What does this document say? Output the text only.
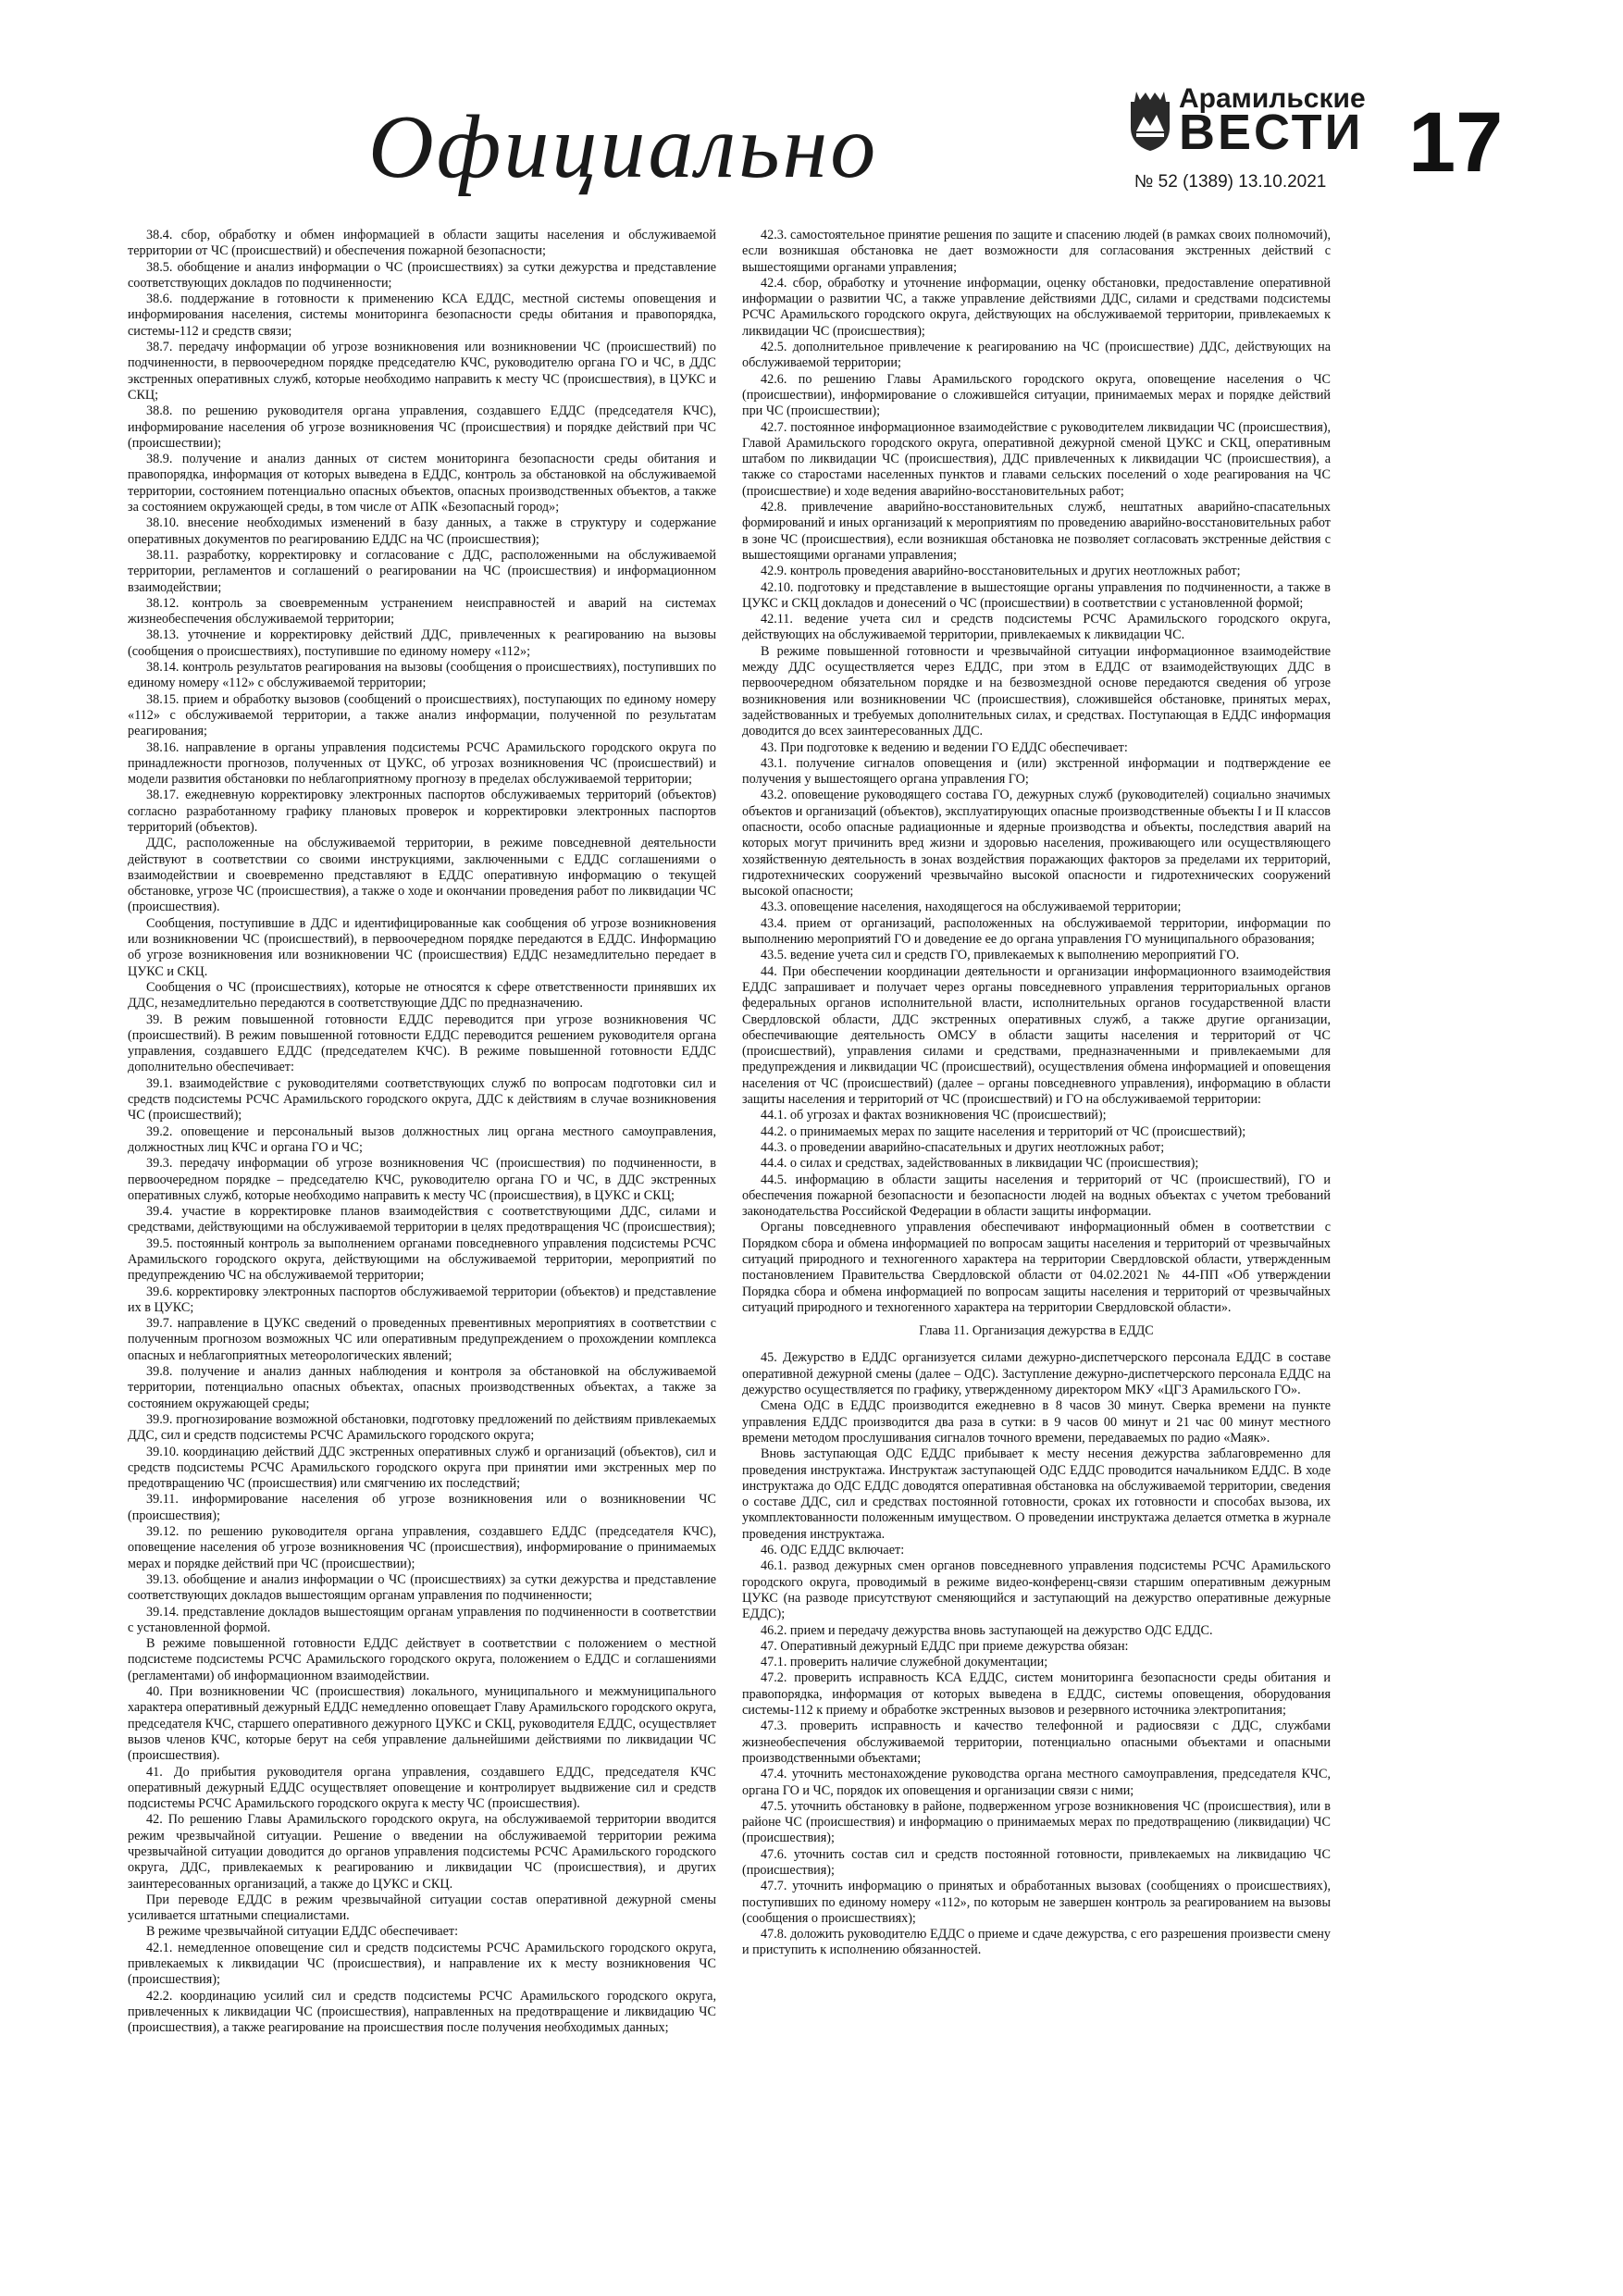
Официально	Арамильские
ВЕСТИ
№ 52 (1389) 13.10.2021 17

38.4. сбор, обработку и обмен информацией в области защиты населения и обслуживаемой территории от ЧС (происшествий) и обеспечения пожарной безопасности;

38.5. обобщение и анализ информации о ЧС (происшествиях) за сутки дежурства и представление соответствующих докладов по подчиненности;

38.6. поддержание в готовности к применению КСА ЕДДС, местной системы оповещения и информирования населения, системы мониторинга безопасности среды обитания и правопорядка, системы-112 и средств связи;

38.7. передачу информации об угрозе возникновения или возникновении ЧС (происшествий) по подчиненности, в первоочередном порядке председателю КЧС, руководителю органа ГО и ЧС, в ДДС экстренных оперативных служб, которые необходимо направить к месту ЧС (происшествия), в ЦУКС и СКЦ;

38.8. по решению руководителя органа управления, создавшего ЕДДС (председателя КЧС), информирование населения об угрозе возникновения ЧС (происшествия) и порядке действий при ЧС (происшествии);

38.9. получение и анализ данных от систем мониторинга безопасности среды обитания и правопорядка, информация от которых выведена в ЕДДС, контроль за обстановкой на обслуживаемой территории, состоянием потенциально опасных объектов, опасных производственных объектов, а также за состоянием окружающей среды, в том числе от АПК «Безопасный город»;

38.10. внесение необходимых изменений в базу данных, а также в структуру и содержание оперативных документов по реагированию ЕДДС на ЧС (происшествия);

38.11. разработку, корректировку и согласование с ДДС, расположенными на обслуживаемой территории, регламентов и соглашений о реагировании на ЧС (происшествия) и информационном взаимодействии;

38.12. контроль за своевременным устранением неисправностей и аварий на системах жизнеобеспечения обслуживаемой территории;

38.13. уточнение и корректировку действий ДДС, привлеченных к реагированию на вызовы (сообщения о происшествиях), поступившие по единому номеру «112»;

38.14. контроль результатов реагирования на вызовы (сообщения о происшествиях), поступивших по единому номеру «112» с обслуживаемой территории;

38.15. прием и обработку вызовов (сообщений о происшествиях), поступающих по единому номеру «112» с обслуживаемой территории, а также анализ информации, полученной по результатам реагирования;

38.16. направление в органы управления подсистемы РСЧС Арамильского городского округа по принадлежности прогнозов, полученных от ЦУКС, об угрозах возникновения ЧС (происшествий) и модели развития обстановки по неблагоприятному прогнозу в пределах обслуживаемой территории;

38.17. ежедневную корректировку электронных паспортов обслуживаемых территорий (объектов) согласно разработанному графику плановых проверок и корректировки электронных паспортов территорий (объектов).

ДДС, расположенные на обслуживаемой территории, в режиме повседневной деятельности действуют в соответствии со своими инструкциями, заключенными с ЕДДС соглашениями о взаимодействии и своевременно представляют в ЕДДС оперативную информацию о текущей обстановке, угрозе ЧС (происшествия), а также о ходе и окончании проведения работ по ликвидации ЧС (происшествия).

Сообщения, поступившие в ДДС и идентифицированные как сообщения об угрозе возникновения или возникновении ЧС (происшествий), в первоочередном порядке передаются в ЕДДС. Информацию об угрозе возникновения или возникновении ЧС (происшествия) ЕДДС незамедлительно передает в ЦУКС и СКЦ.

Сообщения о ЧС (происшествиях), которые не относятся к сфере ответственности принявших их ДДС, незамедлительно передаются в соответствующие ДДС по предназначению.

39. В режим повышенной готовности ЕДДС переводится при угрозе возникновения ЧС (происшествий). В режим повышенной готовности ЕДДС переводится решением руководителя органа управления, создавшего ЕДДС (председателем КЧС). В режиме повышенной готовности ЕДДС дополнительно обеспечивает:

39.1. взаимодействие с руководителями соответствующих служб по вопросам подготовки сил и средств подсистемы РСЧС Арамильского городского округа, ДДС к действиям в случае возникновения ЧС (происшествий);

39.2. оповещение и персональный вызов должностных лиц органа местного самоуправления, должностных лиц КЧС и органа ГО и ЧС;

39.3. передачу информации об угрозе возникновения ЧС (происшествия) по подчиненности, в первоочередном порядке – председателю КЧС, руководителю органа ГО и ЧС, в ДДС экстренных оперативных служб, которые необходимо направить к месту ЧС (происшествия), в ЦУКС и СКЦ;

39.4. участие в корректировке планов взаимодействия с соответствующими ДДС, силами и средствами, действующими на обслуживаемой территории в целях предотвращения ЧС (происшествия);

39.5. постоянный контроль за выполнением органами повседневного управления подсистемы РСЧС Арамильского городского округа, действующими на обслуживаемой территории, мероприятий по предупреждению ЧС на обслуживаемой территории;

39.6. корректировку электронных паспортов обслуживаемой территории (объектов) и представление их в ЦУКС;

39.7. направление в ЦУКС сведений о проведенных превентивных мероприятиях в соответствии с полученным прогнозом возможных ЧС или оперативным предупреждением о прохождении комплекса опасных и неблагоприятных метеорологических явлений;

39.8. получение и анализ данных наблюдения и контроля за обстановкой на обслуживаемой территории, потенциально опасных объектах, опасных производственных объектах, а также за состоянием окружающей среды;

39.9. прогнозирование возможной обстановки, подготовку предложений по действиям привлекаемых ДДС, сил и средств подсистемы РСЧС Арамильского городского округа;

39.10. координацию действий ДДС экстренных оперативных служб и организаций (объектов), сил и средств подсистемы РСЧС Арамильского городского округа при принятии ими экстренных мер по предотвращению ЧС (происшествия) или смягчению их последствий;

39.11. информирование населения об угрозе возникновения или о возникновении ЧС (происшествия);

39.12. по решению руководителя органа управления, создавшего ЕДДС (председателя КЧС), оповещение населения об угрозе возникновения ЧС (происшествия), информирование о принимаемых мерах и порядке действий при ЧС (происшествии);

39.13. обобщение и анализ информации о ЧС (происшествиях) за сутки дежурства и представление соответствующих докладов вышестоящим органам управления по подчиненности;

39.14. представление докладов вышестоящим органам управления по подчиненности в соответствии с установленной формой.

В режиме повышенной готовности ЕДДС действует в соответствии с положением о местной подсистеме подсистемы РСЧС Арамильского городского округа, положением о ЕДДС и соглашениями (регламентами) об информационном взаимодействии.

40. При возникновении ЧС (происшествия) локального, муниципального и межмуниципального характера оперативный дежурный ЕДДС немедленно оповещает Главу Арамильского городского округа, председателя КЧС, старшего оперативного дежурного ЦУКС и СКЦ, руководителя ЕДДС, осуществляет вызов членов КЧС, которые берут на себя управление дальнейшими действиями по ликвидации ЧС (происшествия).

41. До прибытия руководителя органа управления, создавшего ЕДДС, председателя КЧС оперативный дежурный ЕДДС осуществляет оповещение и контролирует выдвижение сил и средств подсистемы РСЧС Арамильского городского округа к месту ЧС (происшествия).

42. По решению Главы Арамильского городского округа, на обслуживаемой территории вводится режим чрезвычайной ситуации. Решение о введении на обслуживаемой территории режима чрезвычайной ситуации доводится до органов управления подсистемы РСЧС Арамильского городского округа, ДДС, привлекаемых к реагированию и ликвидации ЧС (происшествия), и других заинтересованных организаций, а также до ЦУКС и СКЦ.

При переводе ЕДДС в режим чрезвычайной ситуации состав оперативной дежурной смены усиливается штатными специалистами.

В режиме чрезвычайной ситуации ЕДДС обеспечивает:

42.1. немедленное оповещение сил и средств подсистемы РСЧС Арамильского городского округа, привлекаемых к ликвидации ЧС (происшествия), и направление их к месту возникновения ЧС (происшествия);

42.2. координацию усилий сил и средств подсистемы РСЧС Арамильского городского округа, привлеченных к ликвидации ЧС (происшествия), направленных на предотвращение и ликвидацию ЧС (происшествия), а также реагирование на происшествия после получения необходимых данных;

42.3. самостоятельное принятие решения по защите и спасению людей (в рамках своих полномочий), если возникшая обстановка не дает возможности для согласования экстренных действий с вышестоящими органами управления;

42.4. сбор, обработку и уточнение информации, оценку обстановки, предоставление оперативной информации о развитии ЧС, а также управление действиями ДДС, силами и средствами подсистемы РСЧС Арамильского городского округа, действующих на обслуживаемой территории, привлекаемых к ликвидации ЧС (происшествия);

42.5. дополнительное привлечение к реагированию на ЧС (происшествие) ДДС, действующих на обслуживаемой территории;

42.6. по решению Главы Арамильского городского округа, оповещение населения о ЧС (происшествии), информирование о сложившейся ситуации, принимаемых мерах и порядке действий при ЧС (происшествии);

42.7. постоянное информационное взаимодействие с руководителем ликвидации ЧС (происшествия), Главой Арамильского городского округа, оперативной дежурной сменой ЦУКС и СКЦ, оперативным штабом по ликвидации ЧС (происшествия), ДДС привлеченных к ликвидации ЧС (происшествия), а также со старостами населенных пунктов и главами сельских поселений о ходе реагирования на ЧС (происшествие) и ходе ведения аварийно-восстановительных работ;

42.8. привлечение аварийно-восстановительных служб, нештатных аварийно-спасательных формирований и иных организаций к мероприятиям по проведению аварийно-восстановительных работ в зоне ЧС (происшествия), если возникшая обстановка не позволяет согласовать экстренные действия с вышестоящими органами управления;

42.9. контроль проведения аварийно-восстановительных и других неотложных работ;

42.10. подготовку и представление в вышестоящие органы управления по подчиненности, а также в ЦУКС и СКЦ докладов и донесений о ЧС (происшествии) в соответствии с установленной формой;

42.11. ведение учета сил и средств подсистемы РСЧС Арамильского городского округа, действующих на обслуживаемой территории, привлекаемых к ликвидации ЧС.

В режиме повышенной готовности и чрезвычайной ситуации информационное взаимодействие между ДДС осуществляется через ЕДДС, при этом в ЕДДС от взаимодействующих ДДС в первоочередном обязательном порядке и на безвозмездной основе передаются сведения об угрозе возникновения или возникновении ЧС (происшествия), сложившейся обстановке, принятых мерах, задействованных и требуемых дополнительных силах, и средствах. Поступающая в ЕДДС информация доводится до всех заинтересованных ДДС.

43. При подготовке к ведению и ведении ГО ЕДДС обеспечивает:

43.1. получение сигналов оповещения и (или) экстренной информации и подтверждение ее получения у вышестоящего органа управления ГО;

43.2. оповещение руководящего состава ГО, дежурных служб (руководителей) социально значимых объектов и организаций (объектов), эксплуатирующих опасные производственные объекты I и II классов опасности, особо опасные радиационные и ядерные производства и объекты, последствия аварий на которых могут причинить вред жизни и здоровью населения, проживающего или осуществляющего хозяйственную деятельность в зонах воздействия поражающих факторов за пределами их территорий, гидротехнических сооружений чрезвычайно высокой опасности и гидротехнических сооружений высокой опасности;

43.3. оповещение населения, находящегося на обслуживаемой территории;

43.4. прием от организаций, расположенных на обслуживаемой территории, информации по выполнению мероприятий ГО и доведение ее до органа управления ГО муниципального образования;

43.5. ведение учета сил и средств ГО, привлекаемых к выполнению мероприятий ГО.

44. При обеспечении координации деятельности и организации информационного взаимодействия ЕДДС запрашивает и получает через органы повседневного управления территориальных органов федеральных органов исполнительной власти, исполнительных органов государственной власти Свердловской области, ДДС экстренных оперативных служб, а также другие организации, обеспечивающие деятельность ОМСУ в области защиты населения и территорий от ЧС (происшествий), управления силами и средствами, предназначенными и привлекаемыми для предупреждения и ликвидации ЧС (происшествий), осуществления обмена информацией и оповещения населения от ЧС (происшествий) (далее – органы повседневного управления), информацию в области защиты населения и территорий от ЧС (происшествий) и ГО на обслуживаемой территории:

44.1. об угрозах и фактах возникновения ЧС (происшествий);

44.2. о принимаемых мерах по защите населения и территорий от ЧС (происшествий);

44.3. о проведении аварийно-спасательных и других неотложных работ;

44.4. о силах и средствах, задействованных в ликвидации ЧС (происшествия);

44.5. информацию в области защиты населения и территорий от ЧС (происшествий), ГО и обеспечения пожарной безопасности и безопасности людей на водных объектах с учетом требований законодательства Российской Федерации в области защиты информации.

Органы повседневного управления обеспечивают информационный обмен в соответствии с Порядком сбора и обмена информацией по вопросам защиты населения и территорий от чрезвычайных ситуаций природного и техногенного характера на территории Свердловской области, утвержденным постановлением Правительства Свердловской области от 04.02.2021 № 44-ПП «Об утверждении Порядка сбора и обмена информацией по вопросам защиты населения и территорий от чрезвычайных ситуаций природного и техногенного характера на территории Свердловской области».

Глава 11. Организация дежурства в ЕДДС

45. Дежурство в ЕДДС организуется силами дежурно-диспетчерского персонала ЕДДС в составе оперативной дежурной смены (далее – ОДС). Заступление дежурно-диспетчерского персонала ЕДДС на дежурство осуществляется по графику, утвержденному директором МКУ «ЦГЗ Арамильского ГО».

Смена ОДС в ЕДДС производится ежедневно в 8 часов 30 минут. Сверка времени на пункте управления ЕДДС производится два раза в сутки: в 9 часов 00 минут и 21 час 00 минут местного времени методом прослушивания сигналов точного времени, передаваемых по радио «Маяк».

Вновь заступающая ОДС ЕДДС прибывает к месту несения дежурства заблаговременно для проведения инструктажа. Инструктаж заступающей ОДС ЕДДС проводится начальником ЕДДС. В ходе инструктажа до ОДС ЕДДС доводятся оперативная обстановка на обслуживаемой территории, сведения о составе ДДС, сил и средствах постоянной готовности, сроках их готовности и способах вызова, их укомплектованности положенным имуществом. О проведении инструктажа делается отметка в журнале проведения инструктажа.

46. ОДС ЕДДС включает:

46.1. развод дежурных смен органов повседневного управления подсистемы РСЧС Арамильского городского округа, проводимый в режиме видео-конференц-связи старшим оперативным дежурным ЦУКС (на разводе присутствуют сменяющийся и заступающий на дежурство оперативные дежурные ЕДДС);

46.2. прием и передачу дежурства вновь заступающей на дежурство ОДС ЕДДС.

47. Оперативный дежурный ЕДДС при приеме дежурства обязан:

47.1. проверить наличие служебной документации;

47.2. проверить исправность КСА ЕДДС, систем мониторинга безопасности среды обитания и правопорядка, информация от которых выведена в ЕДДС, системы оповещения, оборудования системы-112 к приему и обработке экстренных вызовов и резервного источника электропитания;

47.3. проверить исправность и качество телефонной и радиосвязи с ДДС, службами жизнеобеспечения обслуживаемой территории, потенциально опасными объектами и опасными производственными объектами;

47.4. уточнить местонахождение руководства органа местного самоуправления, председателя КЧС, органа ГО и ЧС, порядок их оповещения и организации связи с ними;

47.5. уточнить обстановку в районе, подверженном угрозе возникновения ЧС (происшествия), или в районе ЧС (происшествия) и информацию о принимаемых мерах по предотвращению (ликвидации) ЧС (происшествия);

47.6. уточнить состав сил и средств постоянной готовности, привлекаемых на ликвидацию ЧС (происшествия);

47.7. уточнить информацию о принятых и обработанных вызовах (сообщениях о происшествиях), поступивших по единому номеру «112», по которым не завершен контроль за реагированием на вызовы (сообщения о происшествиях);

47.8. доложить руководителю ЕДДС о приеме и сдаче дежурства, с его разрешения произвести смену и приступить к исполнению обязанностей.
